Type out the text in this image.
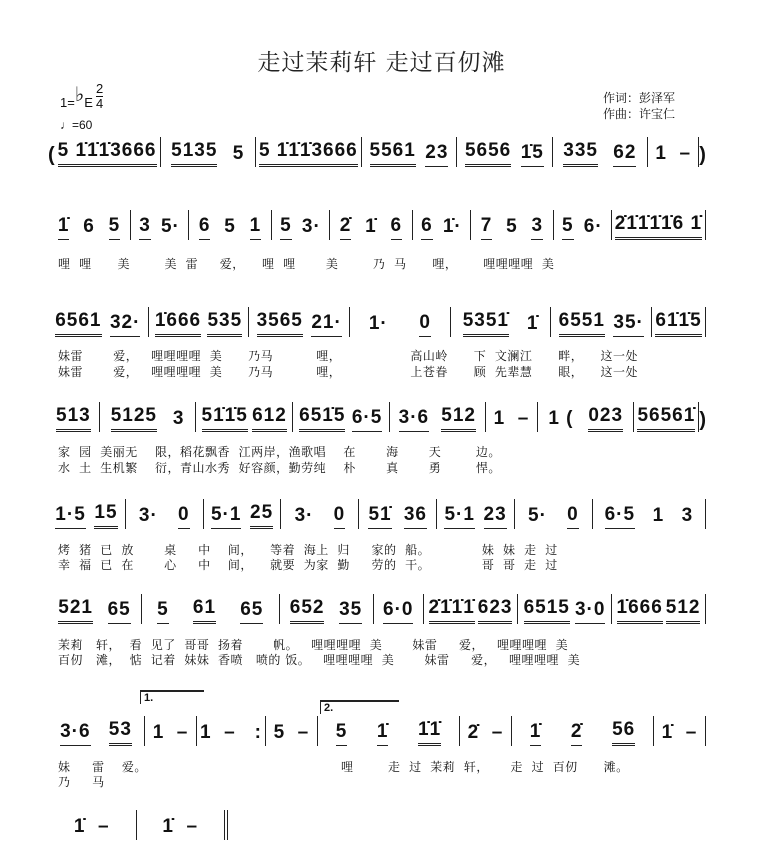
走过茉莉轩 走过百仞滩
1=♭E $\frac{2}{4}$
♩=60
作词：彭泽军
作曲：许宝仁
( 5 1̇1̇1̇ 3666 5135 5 5 1̇1̇1̇ 3666 5561 23 5656 1̇5 335 62 1  – )
1̇ 6 5 3 5· 6 5 1 5 3· 2̇ 1̇ 6 6 1̇· 7 5 3 5 6· 2̇1̇1̇1̇ 1̇6 1̇
6561 32· 1̇666 535 3565 21· 1· 0 5351̇ 1̇ 6551 35· 61̇1̇5
513 5125 3 51̇1̇5 612 651̇5 6·5 3·6 512 1  – 1 ( 023 56561̇ )
1·5 15 3· 0 5·1 25 3· 0 51̇ 36 5·1 23 5· 0 6·5 1 3
521 65 5 61 65 652 35 6·0 2̇1̇1̇1̇ 623 6515 3·0 1̇666 512
3·6 53 1  – 1  –   : 5  – 5 1̇ 1̇1̇ 2̇  – 1̇ 2̇ 56 1̇  –
1̇  –	1̇  –
1.
2.
哩  哩      美        美  雷     爱，    哩  哩       美        乃  马      哩，      哩哩哩哩  美
妹雷       爱，   哩哩哩哩  美      乃马          哩，                高山岭      下  文澜江      畔，    这一处
妹雷       爱，   哩哩哩哩  美      乃马          哩，                上苍眷      顾  先辈慧      眼，    这一处
家  园  美丽无    限，稻花飘香  江两岸，渔歌唱    在       海       天        边。
水  土  生机繁    衍，青山水秀  好容颜，勤劳纯    朴       真       勇        悍。
烤  猪  已  放       桌     中    间，    等着  海上  归     家的  船。            妹  妹  走  过
幸  福  已  在       心     中    间，    就要  为家  勤     劳的  干。            哥  哥  走  过
茉莉   轩，  看  见了  哥哥  扬着       帆。   哩哩哩哩  美       妹雷     爱，   哩哩哩哩  美
百仞   滩，  惦  记着  妹妹  香喷   喷的 饭。   哩哩哩哩  美       妹雷     爱，   哩哩哩哩  美
妹     雷    爱。                                             哩        走  过  茉莉  轩，     走  过  百仞      滩。
乃     马
